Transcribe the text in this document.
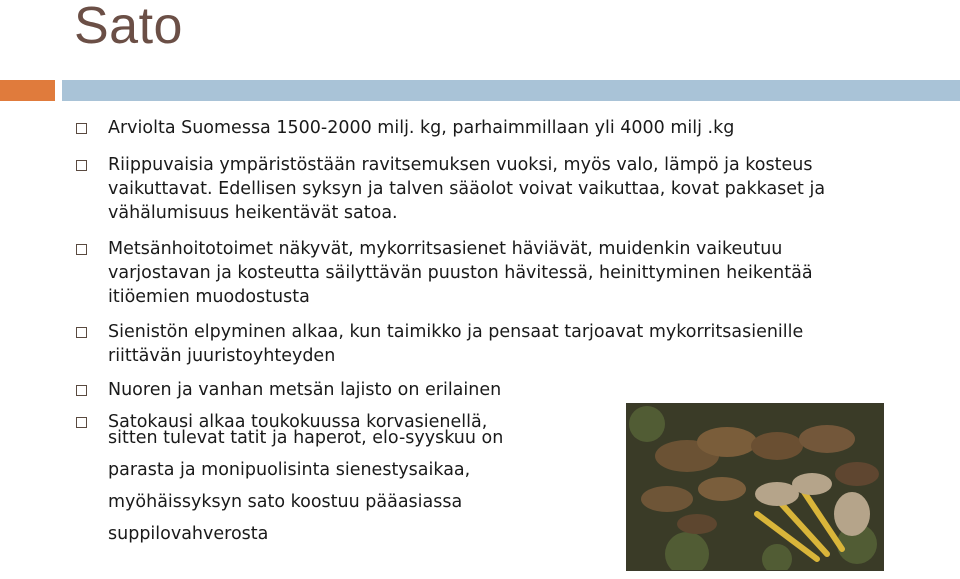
Sato
Arviolta Suomessa 1500-2000 milj. kg, parhaimmillaan yli 4000 milj .kg
Riippuvaisia ympäristöstään ravitsemuksen vuoksi, myös valo, lämpö ja kosteus vaikuttavat. Edellisen syksyn ja talven sääolot voivat vaikuttaa, kovat pakkaset ja vähälumisuus heikentävät satoa.
Metsänhoitotoimet näkyvät, mykorritsasienet häviävät, muidenkin vaikeutuu varjostavan ja kosteutta säilyttävän puuston hävitessä, heinittyminen heikentää itiöemien muodostusta
Sienistön elpyminen alkaa, kun taimikko ja pensaat tarjoavat mykorritsasienille riittävän juuristoyhteyden
Nuoren ja vanhan metsän lajisto on erilainen
Satokausi alkaa toukokuussa korvasienellä,
sitten tulevat tatit ja haperot, elo-syyskuu on
parasta ja monipuolisinta sienestysaikaa,
myöhäissyksyn sato koostuu pääasiassa
suppilovahverosta
